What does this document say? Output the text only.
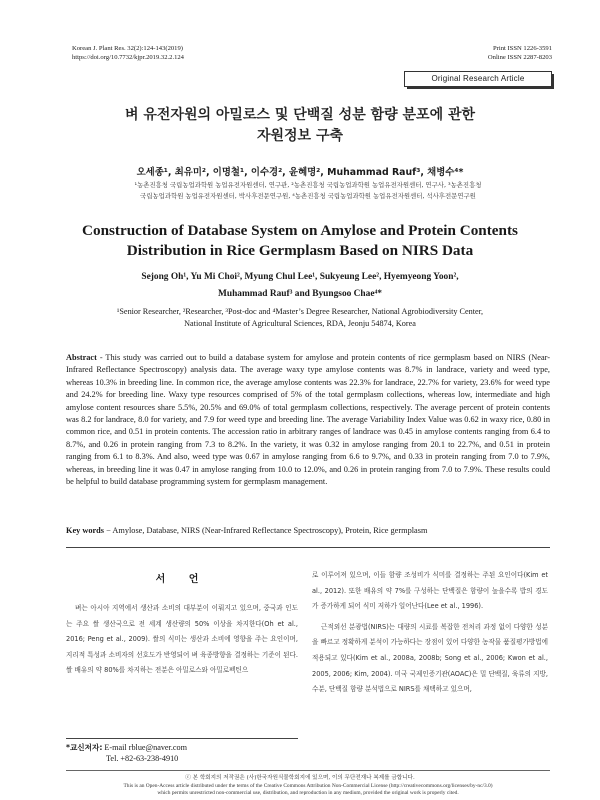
Korean J. Plant Res. 32(2):124-143(2019)
https://doi.org/10.7732/kjpr.2019.32.2.124
Print ISSN 1226-3591
Online ISSN 2287-8203
Original Research Article
벼 유전자원의 아밀로스 및 단백질 성분 함량 분포에 관한
자원정보 구축
오세종¹, 최유미², 이명철¹, 이수경², 윤혜명², Muhammad Rauf³, 채병수⁴*
¹농촌진흥청 국립농업과학원 농업유전자원센터, 연구관, ²농촌진흥청 국립농업과학원 농업유전자원센터, 연구사, ³농촌진흥청
국립농업과학원 농업유전자원센터, 박사후전문연구원, ⁴농촌진흥청 국립농업과학원 농업유전자원센터, 석사후전문연구원
Construction of Database System on Amylose and Protein Contents
Distribution in Rice Germplasm Based on NIRS Data
Sejong Oh¹, Yu Mi Choi², Myung Chul Lee¹, Sukyeung Lee², Hyemyeong Yoon²,
Muhammad Rauf³ and Byungsoo Chae⁴*
¹Senior Researcher, ²Researcher, ³Post-doc and ⁴Master’s Degree Researcher, National Agrobiodiversity Center,
National Institute of Agricultural Sciences, RDA, Jeonju 54874, Korea
Abstract - This study was carried out to build a database system for amylose and protein contents of rice germplasm based on NIRS (Near-Infrared Reflectance Spectroscopy) analysis data. The average waxy type amylose contents was 8.7% in landrace, variety and weed type, whereas 10.3% in breeding line. In common rice, the average amylose contents was 22.3% for landrace, 22.7% for variety, 23.6% for weed type and 24.2% for breeding line. Waxy type resources comprised of 5% of the total germplasm collections, whereas low, intermediate and high amylose content resources share 5.5%, 20.5% and 69.0% of total germplasm collections, respectively. The average percent of protein contents was 8.2 for landrace, 8.0 for variety, and 7.9 for weed type and breeding line. The average Variability Index Value was 0.62 in waxy rice, 0.80 in common rice, and 0.51 in protein contents. The accession ratio in arbitrary ranges of landrace was 0.45 in amylose contents ranging from 6.4 to 8.7%, and 0.26 in protein ranging from 7.3 to 8.2%. In the variety, it was 0.32 in amylose ranging from 20.1 to 22.7%, and 0.51 in protein ranging from 6.1 to 8.3%. And also, weed type was 0.67 in amylose ranging from 6.6 to 9.7%, and 0.33 in protein ranging from 7.0 to 7.9%, whereas, in breeding line it was 0.47 in amylose ranging from 10.0 to 12.0%, and 0.26 in protein ranging from 7.0 to 7.9%. These results could be helpful to build database programming system for germplasm management.
Key words − Amylose, Database, NIRS (Near-Infrared Reflectance Spectroscopy), Protein, Rice germplasm
서 언

벼는 아시아 지역에서 생산과 소비의 대부분이 이뤄지고 있으며, 중국과 인도는 주요 쌀 생산국으로 전 세계 생산량의 50% 이상을 차지한다(Oh et al., 2016; Peng et al., 2009). 쌀의 식미는 생산과 소비에 영향을 주는 요인이며, 지리적 특성과 소비자의 선호도가 반영되어 벼 육종방향을 결정하는 기준이 된다. 쌀 배유의 약 80%를 차지하는 전분은 아밀로스와 아밀로펙틴으

로 이루어져 있으며, 이들 함량 조성비가 식미를 결정하는 주된 요인이다(Kim et al., 2012). 또한 배유의 약 7%를 구성하는 단백질은 함량이 높을수록 밥의 경도가 증가하게 되어 식미 저하가 일어난다(Lee et al., 1996).

근적외선 분광법(NIRS)는 대량의 시료를 복잡한 전처리 과정 없이 다양한 성분을 빠르고 정확하게 분석이 가능하다는 장점이 있어 다양한 농작물 품질평가방법에 적용되고 있다(Kim et al., 2008a, 2008b; Song et al., 2006; Kwon et al., 2005, 2006; Kim, 2004). 미국 국제인증기관(AOAC)은 밀 단백질, 육류의 지방, 수분, 단백질 함량 분석법으로 NIRS를 채택하고 있으며,

*교신저자: E-mail rblue@naver.com
Tel. +82-63-238-4910
ⓒ 본 학회지의 저작권은 (사)한국자원식물학회지에 있으며, 이의 무단전재나 복제를 금합니다.
This is an Open-Access article distributed under the terms of the Creative Commons Attribution Non-Commercial License (http://creativecommons.org/licenses/by-nc/3.0)
which permits unrestricted non-commercial use, distribution, and reproduction in any medium, provided the original work is properly cited.
